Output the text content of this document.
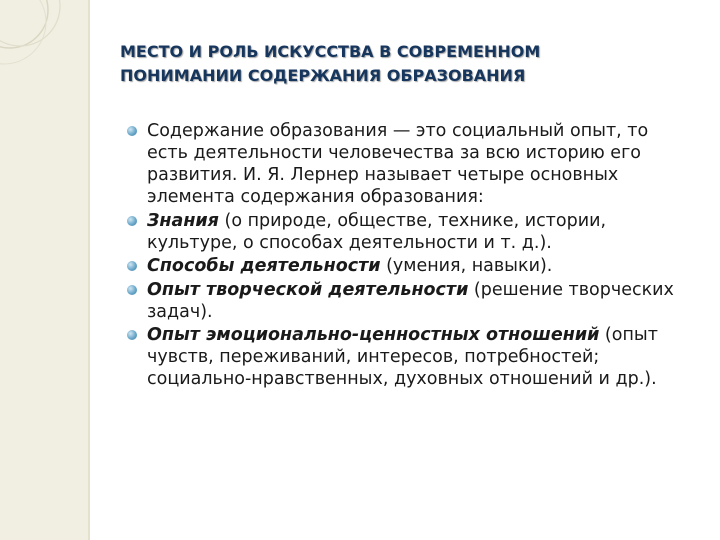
МЕСТО И РОЛЬ ИСКУССТВА В СОВРЕМЕННОМ
ПОНИМАНИИ СОДЕРЖАНИЯ ОБРАЗОВАНИЯ
Содержание образования — это социальный опыт, то есть деятельности человечества за всю историю его развития. И. Я. Лернер называет четыре основных элемента содержания образования:
Знания (о природе, обществе, технике, истории, культуре, о способах деятельности и т. д.).
Способы деятельности (умения, навыки).
Опыт творческой деятельности (решение творческих задач).
Опыт эмоционально-ценностных отношений (опыт чувств, переживаний, интересов, потребностей; социально-нравственных, духовных отношений и др.).
